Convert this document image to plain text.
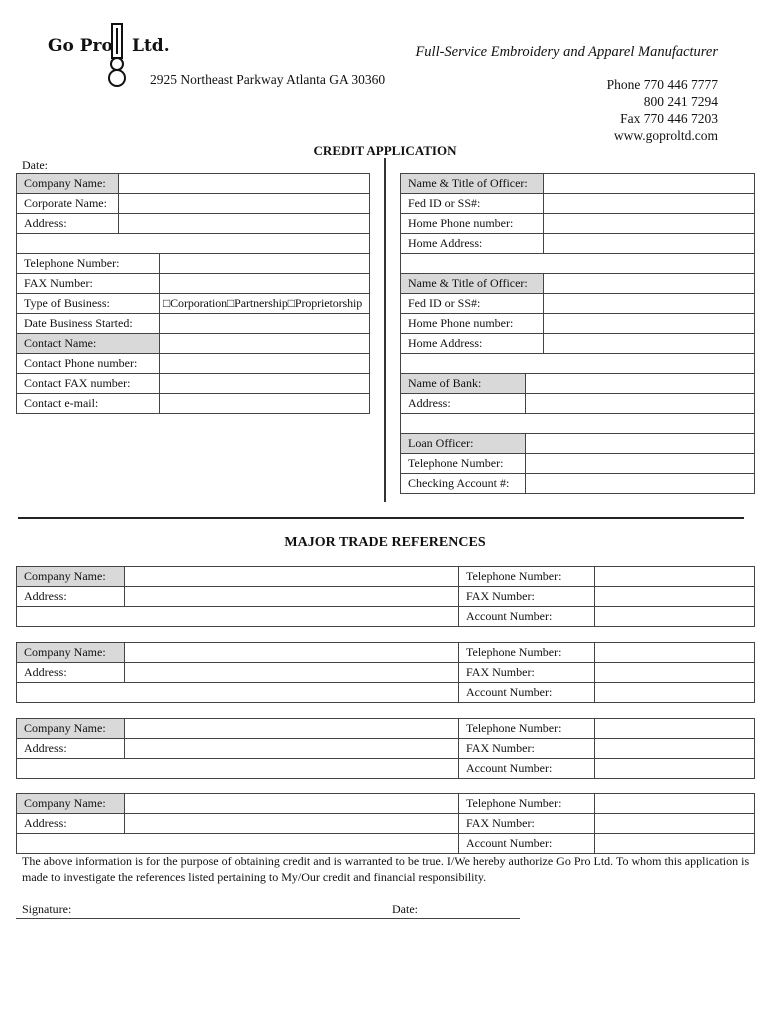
Go Pro Ltd.	Full-Service Embroidery and Apparel Manufacturer
2925 Northeast Parkway Atlanta GA 30360	Phone 770 446 7777
800 241 7294
Fax 770 446 7203
www.goproltd.com
CREDIT APPLICATION
Date:
Company Name:		
Corporate Name:		
Address:		

Telephone Number:		
FAX Number:		
Type of Business:		□Corporation□Partnership□Proprietorship
Date Business Started:		
Contact Name:		
Contact Phone number:		
Contact FAX number:		
Contact e-mail:		
Name & Title of Officer:	
Fed ID or SS#:	
Home Phone number:	
Home Address:	

Name & Title of Officer:	
Fed ID or SS#:	
Home Phone number:	
Home Address:	

Name of Bank:	
Address:	

Loan Officer:	
Telephone Number:	
Checking Account #:	
MAJOR TRADE REFERENCES
Company Name:		Telephone Number:	
Address:		FAX Number:	
		Account Number:	
Company Name:		Telephone Number:	
Address:		FAX Number:	
		Account Number:	
Company Name:		Telephone Number:	
Address:		FAX Number:	
		Account Number:	
Company Name:		Telephone Number:	
Address:		FAX Number:	
		Account Number:	
The above information is for the purpose of obtaining credit and is warranted to be true. I/We hereby authorize Go Pro Ltd. To whom this application is made to investigate the references listed pertaining to My/Our credit and financial responsibility.
Signature:	Date:
